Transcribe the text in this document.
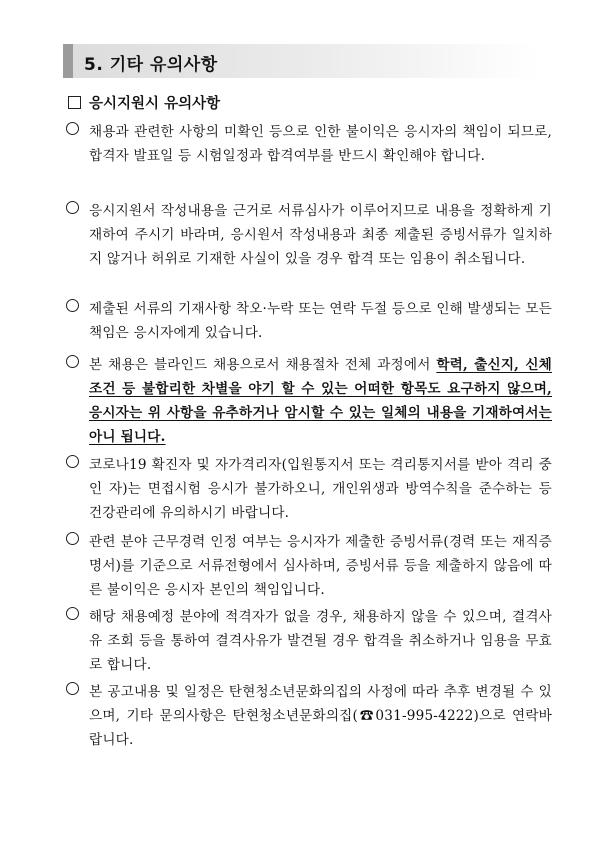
5. 기타 유의사항
응시지원시 유의사항
채용과 관련한 사항의 미확인 등으로 인한 불이익은 응시자의 책임이 되므로, 합격자 발표일 등 시험일정과 합격여부를 반드시 확인해야 합니다.
응시지원서 작성내용을 근거로 서류심사가 이루어지므로 내용을 정확하게 기재하여 주시기 바라며, 응시원서 작성내용과 최종 제출된 증빙서류가 일치하지 않거나 허위로 기재한 사실이 있을 경우 합격 또는 임용이 취소됩니다.
제출된 서류의 기재사항 착오·누락 또는 연락 두절 등으로 인해 발생되는 모든 책임은 응시자에게 있습니다.
본 채용은 블라인드 채용으로서 채용절차 전체 과정에서 학력, 출신지, 신체조건 등 불합리한 차별을 야기 할 수 있는 어떠한 항목도 요구하지 않으며, 응시자는 위 사항을 유추하거나 암시할 수 있는 일체의 내용을 기재하여서는 아니 됩니다.
코로나19 확진자 및 자가격리자(입원통지서 또는 격리통지서를 받아 격리 중인 자)는 면접시험 응시가 불가하오니, 개인위생과 방역수칙을 준수하는 등 건강관리에 유의하시기 바랍니다.
관련 분야 근무경력 인정 여부는 응시자가 제출한 증빙서류(경력 또는 재직증명서)를 기준으로 서류전형에서 심사하며, 증빙서류 등을 제출하지 않음에 따른 불이익은 응시자 본인의 책임입니다.
해당 채용예정 분야에 적격자가 없을 경우, 채용하지 않을 수 있으며, 결격사유 조회 등을 통하여 결격사유가 발견될 경우 합격을 취소하거나 임용을 무효로 합니다.
본 공고내용 및 일정은 탄현청소년문화의집의 사정에 따라 추후 변경될 수 있으며, 기타 문의사항은 탄현청소년문화의집(☎031-995-4222)으로 연락바랍니다.
